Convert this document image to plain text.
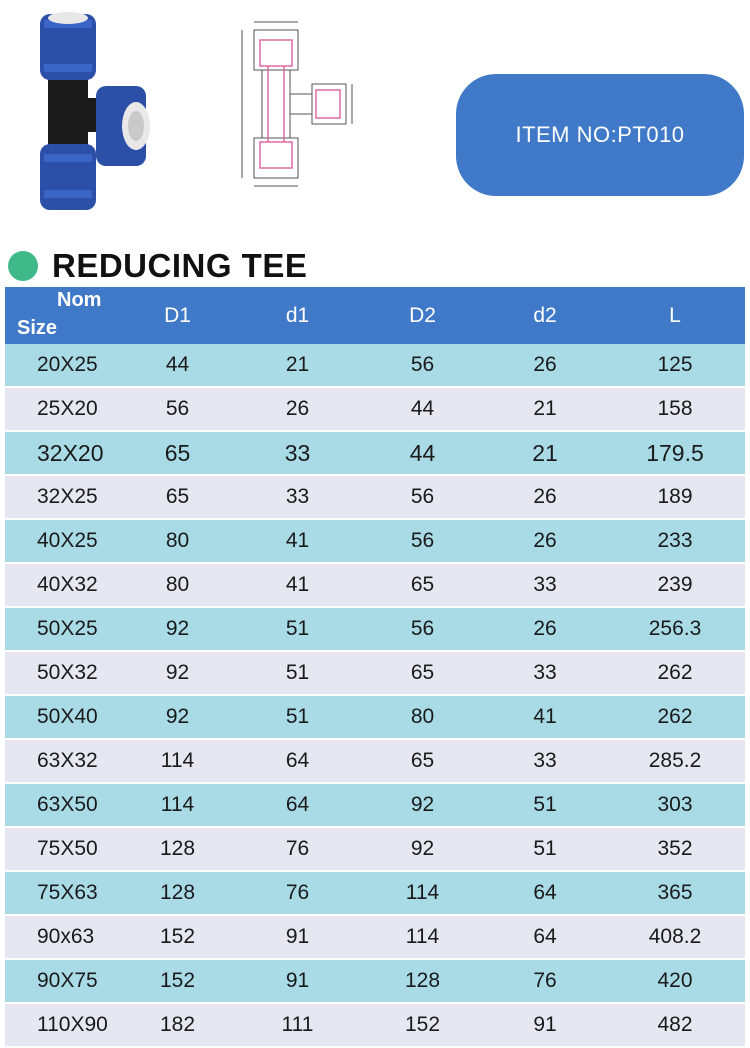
ITEM NO:PT010
REDUCING TEE
Nom
Size	D1	d1	D2	d2	L
20X25	44	21	56	26	125
25X20	56	26	44	21	158
32X20	65	33	44	21	179.5
32X25	65	33	56	26	189
40X25	80	41	56	26	233
40X32	80	41	65	33	239
50X25	92	51	56	26	256.3
50X32	92	51	65	33	262
50X40	92	51	80	41	262
63X32	114	64	65	33	285.2
63X50	114	64	92	51	303
75X50	128	76	92	51	352
75X63	128	76	114	64	365
90x63	152	91	114	64	408.2
90X75	152	91	128	76	420
110X90	182	111	152	91	482
